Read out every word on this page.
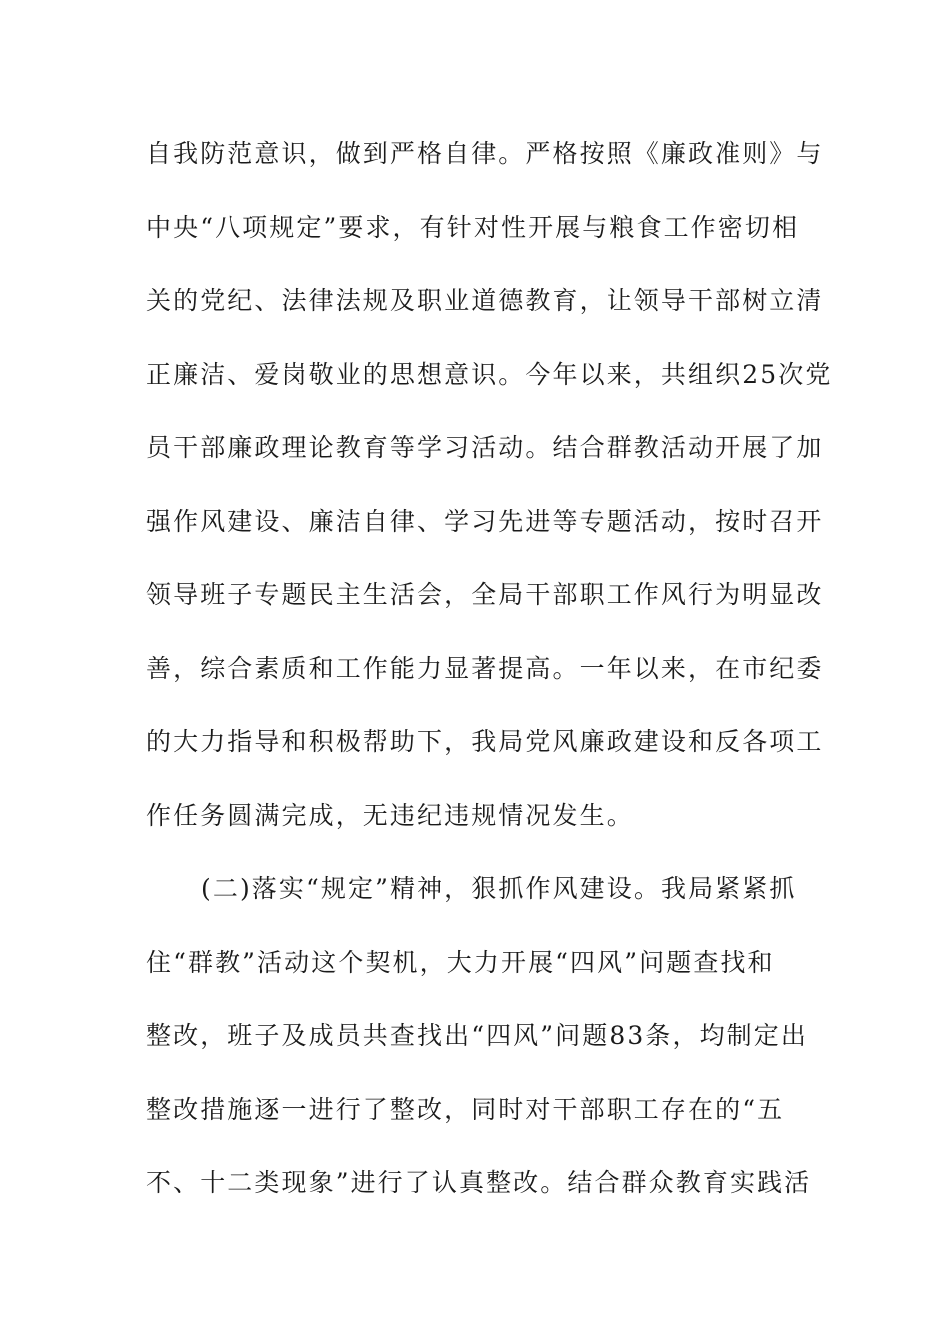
自我防范意识，做到严格自律。严格按照《廉政准则》与
中央“八项规定”要求，有针对性开展与粮食工作密切相
关的党纪、法律法规及职业道德教育，让领导干部树立清
正廉洁、爱岗敬业的思想意识。今年以来，共组织25次党
员干部廉政理论教育等学习活动。结合群教活动开展了加
强作风建设、廉洁自律、学习先进等专题活动，按时召开
领导班子专题民主生活会，全局干部职工作风行为明显改
善，综合素质和工作能力显著提高。一年以来，在市纪委
的大力指导和积极帮助下，我局党风廉政建设和反各项工
作任务圆满完成，无违纪违规情况发生。
(二)落实“规定”精神，狠抓作风建设。我局紧紧抓
住“群教”活动这个契机，大力开展“四风”问题查找和
整改，班子及成员共查找出“四风”问题83条，均制定出
整改措施逐一进行了整改，同时对干部职工存在的“五
不、十二类现象”进行了认真整改。结合群众教育实践活
